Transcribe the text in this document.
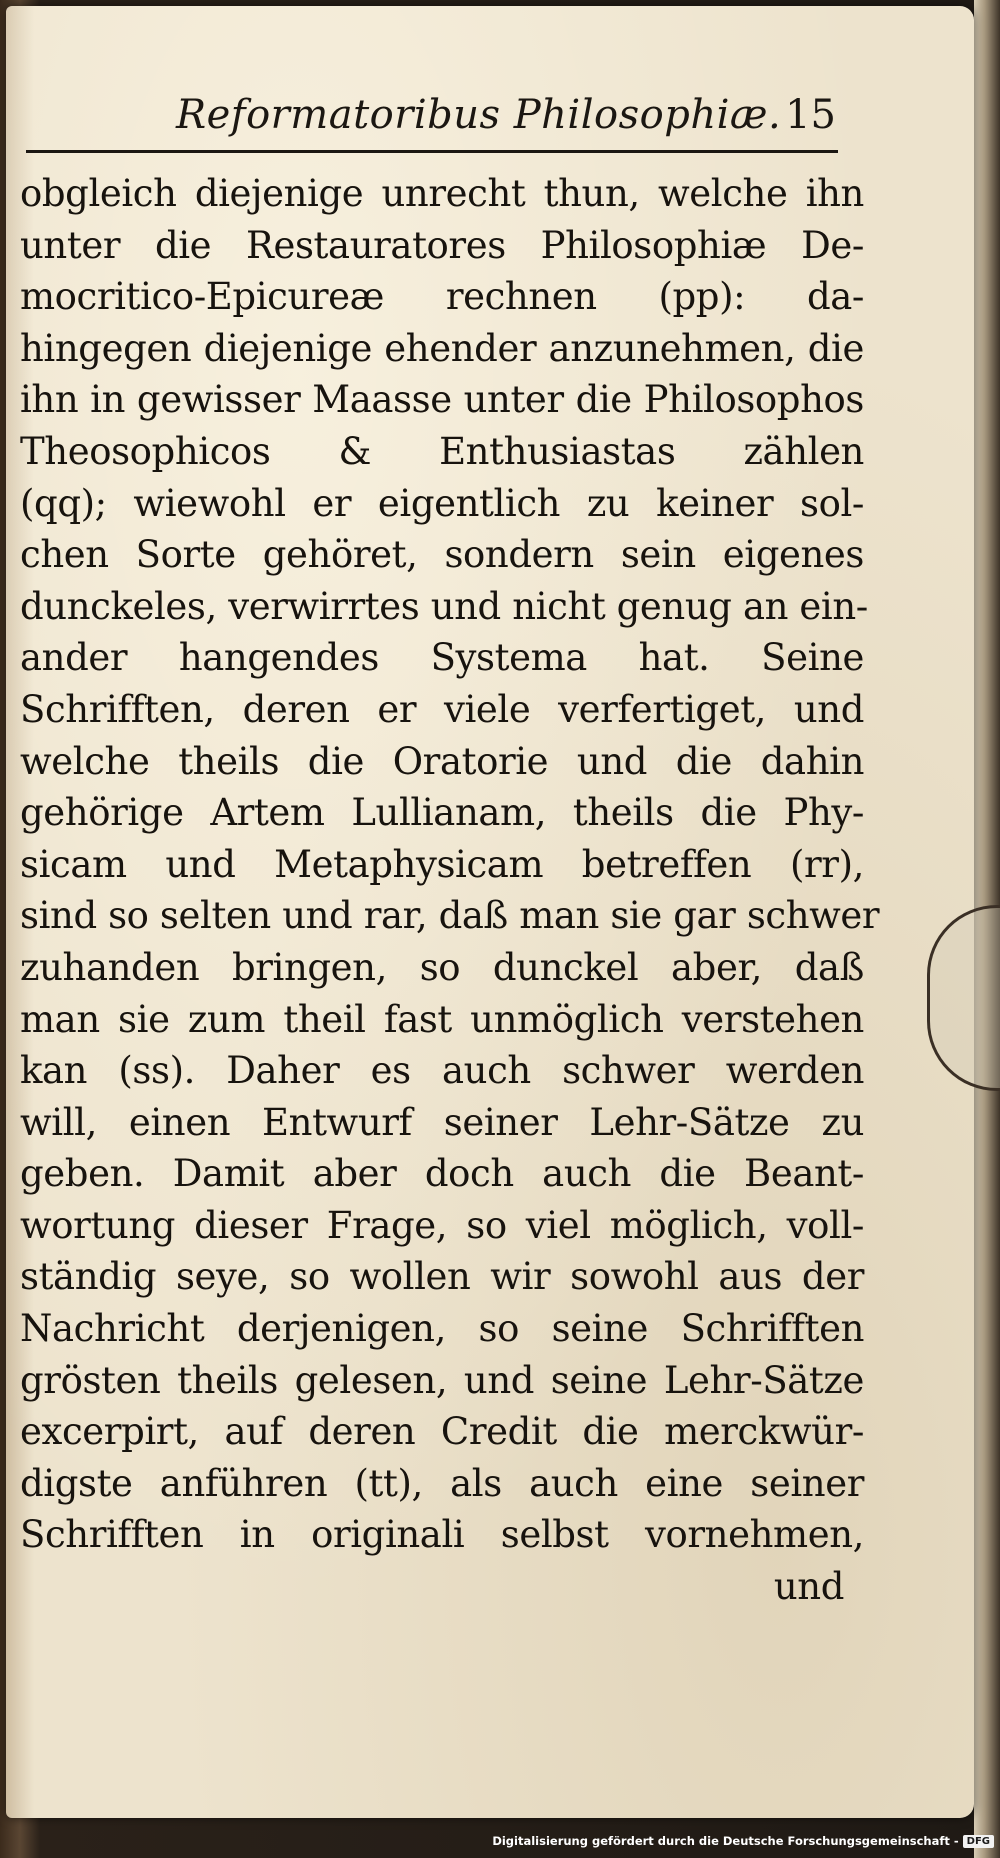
Reformatoribus Philosophiæ. 15
obgleich diejenige unrecht thun, welche ihn
unter die Restauratores Philosophiæ De-
mocritico-Epicureæ rechnen (pp): da-
hingegen diejenige ehender anzunehmen, die
ihn in gewisser Maasse unter die Philosophos
Theosophicos & Enthusiastas zählen
(qq); wiewohl er eigentlich zu keiner sol-
chen Sorte gehöret, sondern sein eigenes
dunckeles, verwirrtes und nicht genug an ein-
ander hangendes Systema hat. Seine
Schrifften, deren er viele verfertiget, und
welche theils die Oratorie und die dahin
gehörige Artem Lullianam, theils die Phy-
sicam und Metaphysicam betreffen (rr),
sind so selten und rar, daß man sie gar schwer
zuhanden bringen, so dunckel aber, daß
man sie zum theil fast unmöglich verstehen
kan (ss). Daher es auch schwer werden
will, einen Entwurf seiner Lehr-Sätze zu
geben. Damit aber doch auch die Beant-
wortung dieser Frage, so viel möglich, voll-
ständig seye, so wollen wir sowohl aus der
Nachricht derjenigen, so seine Schrifften
grösten theils gelesen, und seine Lehr-Sätze
excerpirt, auf deren Credit die merckwür-
digste anführen (tt), als auch eine seiner
Schrifften in originali selbst vornehmen,
und
Digitalisierung gefördert durch die Deutsche Forschungsgemeinschaft - DFG
